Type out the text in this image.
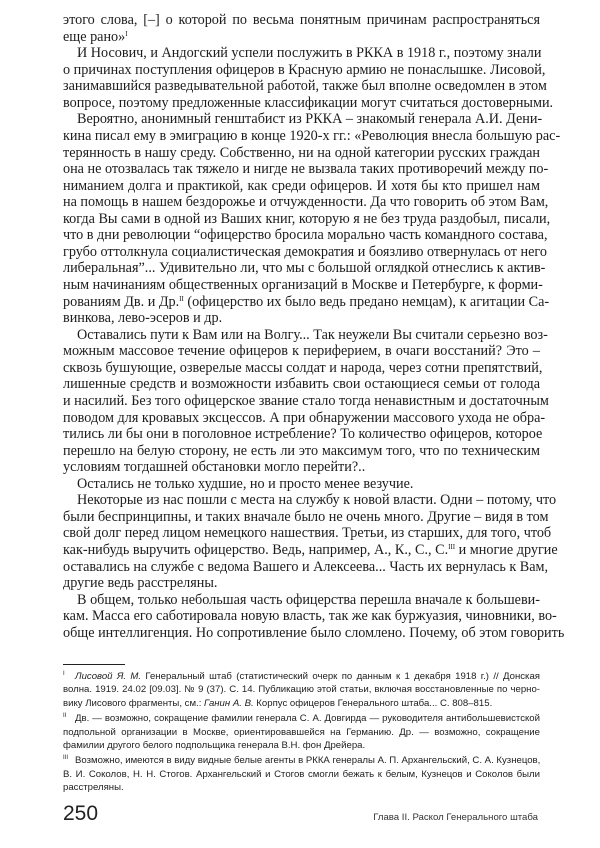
этого слова, [–] о которой по весьма понятным причинам распространяться
еще рано»$^I$
И Носович, и Андогский успели послужить в РККА в 1918 г., поэтому знали
о причинах поступления офицеров в Красную армию не понаслышке. Лисовой,
занимавшийся разведывательной работой, также был вполне осведомлен в этом
вопросе, поэтому предложенные классификации могут считаться достоверными.
Вероятно, анонимный генштабист из РККА – знакомый генерала А.И. Дени-
кина писал ему в эмиграцию в конце 1920-х гг.: «Революция внесла большую рас-
терянность в нашу среду. Собственно, ни на одной категории русских граждан
она не отозвалась так тяжело и нигде не вызвала таких противоречий между по-
ниманием долга и практикой, как среди офицеров. И хотя бы кто пришел нам
на помощь в нашем бездорожье и отчужденности. Да что говорить об этом Вам,
когда Вы сами в одной из Ваших книг, которую я не без труда раздобыл, писали,
что в дни революции “офицерство бросила морально часть командного состава,
грубо оттолкнула социалистическая демократия и боязливо отвернулась от него
либеральная”... Удивительно ли, что мы с большой оглядкой отнеслись к актив-
ным начинаниям общественных организаций в Москве и Петербурге, к форми-
рованиям Дв. и Др.$^{II}$ (офицерство их было ведь предано немцам), к агитации Са-
винкова, лево-эсеров и др.
Оставались пути к Вам или на Волгу... Так неужели Вы считали серьезно воз-
можным массовое течение офицеров к периферием, в очаги восстаний? Это –
сквозь бушующие, озверелые массы солдат и народа, через сотни препятствий,
лишенные средств и возможности избавить свои остающиеся семьи от голода
и насилий. Без того офицерское звание стало тогда ненавистным и достаточным
поводом для кровавых эксцессов. А при обнаружении массового ухода не обра-
тились ли бы они в поголовное истребление? То количество офицеров, которое
перешло на белую сторону, не есть ли это максимум того, что по техническим
условиям тогдашней обстановки могло перейти?..
Остались не только худшие, но и просто менее везучие.
Некоторые из нас пошли с места на службу к новой власти. Одни – потому, что
были беспринципны, и таких вначале было не очень много. Другие – видя в том
свой долг перед лицом немецкого нашествия. Третьи, из старших, для того, чтоб
как-нибудь выручить офицерство. Ведь, например, А., К., С., С.$^{III}$ и многие другие
оставались на службе с ведома Вашего и Алексеева... Часть их вернулась к Вам,
другие ведь расстреляны.
В общем, только небольшая часть офицерства перешла вначале к большеви-
кам. Масса его саботировала новую власть, так же как буржуазия, чиновники, во-
обще интеллигенция. Но сопротивление было сломлено. Почему, об этом говорить
I Лисовой Я. М. Генеральный штаб (статистический очерк по данным к 1 декабря 1918 г.) // Донская
волна. 1919. 24.02 [09.03]. № 9 (37). С. 14. Публикацию этой статьи, включая восстановленные по черно-
вику Лисового фрагменты, см.: Ганин А. В. Корпус офицеров Генерального штаба... С. 808–815.
II Дв. — возможно, сокращение фамилии генерала С. А. Довгирда — руководителя антибольшевистской
подпольной организации в Москве, ориентировавшейся на Германию. Др. — возможно, сокращение
фамилии другого белого подпольщика генерала В.Н. фон Дрейера.
III Возможно, имеются в виду видные белые агенты в РККА генералы А. П. Архангельский, С. А. Кузнецов,
В. И. Соколов, Н. Н. Стогов. Архангельский и Стогов смогли бежать к белым, Кузнецов и Соколов были
расстреляны.
250	Глава II. Раскол Генерального штаба
